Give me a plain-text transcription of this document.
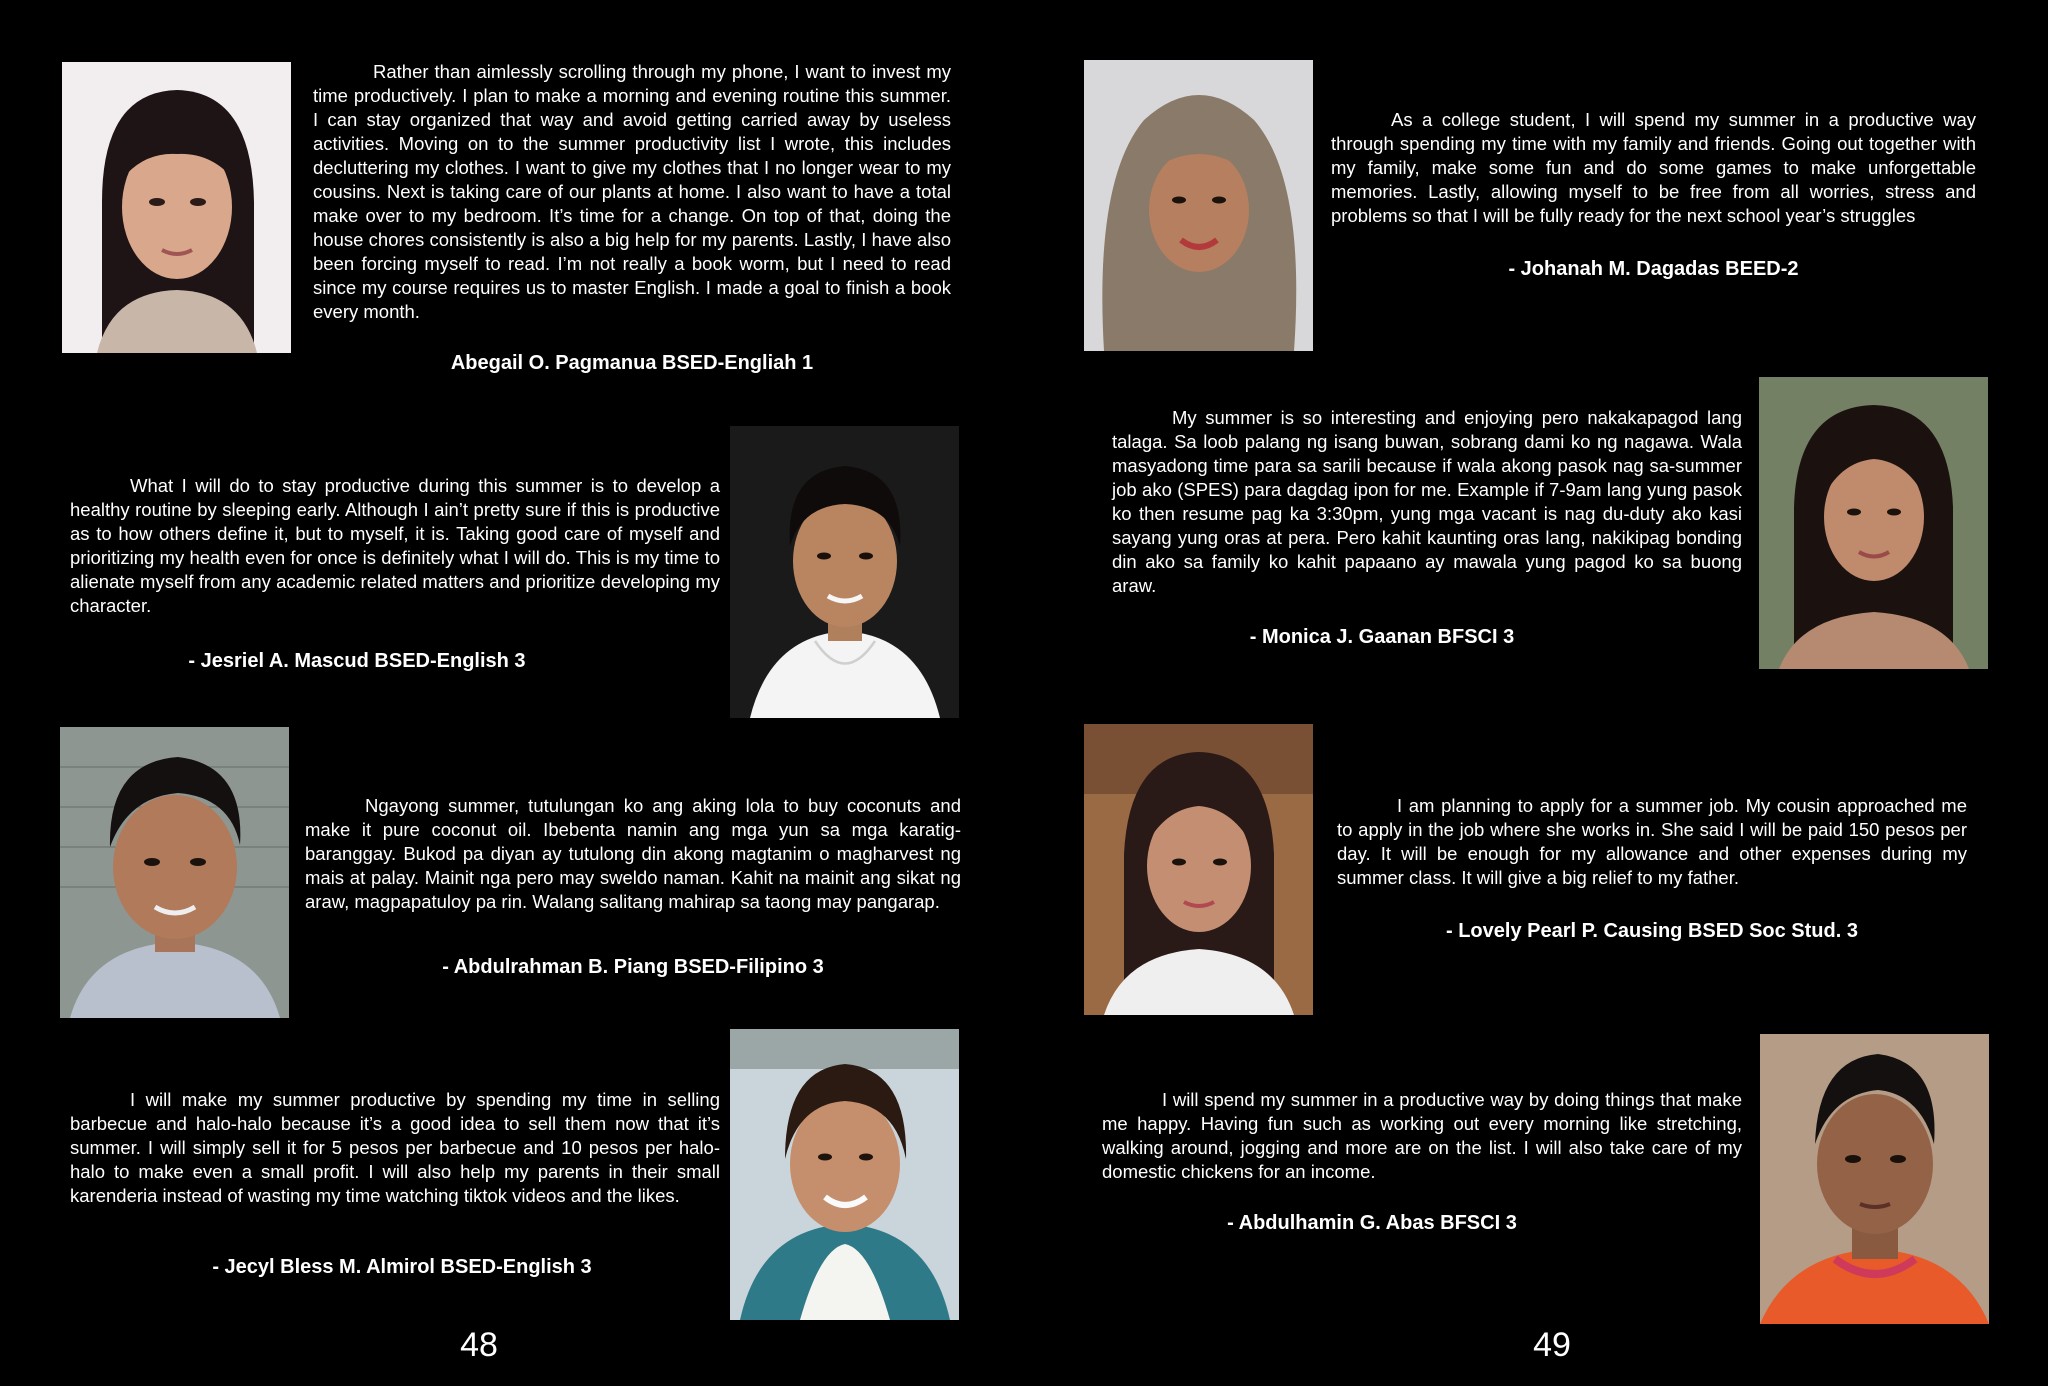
Rather than aimlessly scrolling through my phone, I want to invest my time productively. I plan to make a morning and evening routine this summer. I can stay organized that way and avoid getting carried away by useless activities. Moving on to the summer productivity list I wrote, this includes decluttering my clothes. I want to give my clothes that I no longer wear to my cousins. Next is taking care of our plants at home. I also want to have a total make over to my bedroom. It’s time for a change. On top of that, doing the house chores consistently is also a big help for my parents. Lastly, I have also been forcing myself to read. I’m not really a book worm, but I need to read since my course requires us to master English. I made a goal to finish a book every month.

Abegail O. Pagmanua BSED-Engliah 1

What I will do to stay productive during this summer is to develop a healthy routine by sleeping early. Although I ain’t pretty sure if this is productive as to how others define it, but to myself, it is. Taking good care of myself and prioritizing my health even for once is definitely what I will do. This is my time to alienate myself from any academic related matters and prioritize developing my character.

- Jesriel A. Mascud BSED-English 3

Ngayong summer, tutulungan ko ang aking lola to buy coconuts and make it pure coconut oil. Ibebenta namin ang mga yun sa mga karatig-baranggay. Bukod pa diyan ay tutulong din akong magtanim o magharvest ng mais at palay. Mainit nga pero may sweldo naman. Kahit na mainit ang sikat ng araw, magpapatuloy pa rin. Walang salitang mahirap sa taong may pangarap.

- Abdulrahman B. Piang BSED-Filipino 3

I will make my summer productive by spending my time in selling barbecue and halo-halo because it’s a good idea to sell them now that it’s summer. I will simply sell it for 5 pesos per barbecue and 10 pesos per halo-halo to make even a small profit. I will also help my parents in their small karenderia instead of wasting my time watching tiktok videos and the likes.

- Jecyl Bless M. Almirol BSED-English 3

48

As a college student, I will spend my summer in a productive way through spending my time with my family and friends. Going out together with my family, make some fun and do some games to make unforgettable memories. Lastly, allowing myself to be free from all worries, stress and problems so that I will be fully ready for the next school year’s struggles

- Johanah M. Dagadas BEED-2

My summer is so interesting and enjoying pero nakakapagod lang talaga. Sa loob palang ng isang buwan, sobrang dami ko ng nagawa. Wala masyadong time para sa sarili because if wala akong pasok nag sa-summer job ako (SPES) para dagdag ipon for me. Example if 7-9am lang yung pasok ko then resume pag ka 3:30pm, yung mga vacant is nag du-duty ako kasi sayang yung oras at pera. Pero kahit kaunting oras lang, nakikipag bonding din ako sa family ko kahit papaano ay mawala yung pagod ko sa buong araw.

- Monica J. Gaanan BFSCI 3

I am planning to apply for a summer job. My cousin approached me to apply in the job where she works in. She said I will be paid 150 pesos per day. It will be enough for my allowance and other expenses during my summer class. It will give a big relief to my father.

- Lovely Pearl P. Causing BSED Soc Stud. 3

I will spend my summer in a productive way by doing things that make me happy. Having fun such as working out every morning like stretching, walking around, jogging and more are on the list. I will also take care of my domestic chickens for an income.

- Abdulhamin G. Abas BFSCI 3

49
